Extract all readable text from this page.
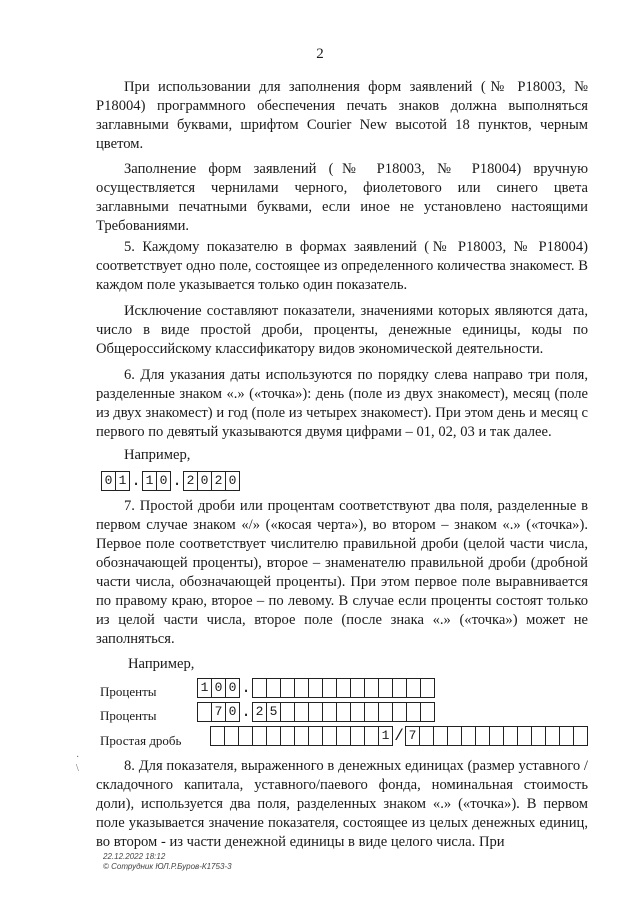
2
При использовании для заполнения форм заявлений (№ Р18003, № Р18004) программного обеспечения печать знаков должна выполняться заглавными буквами, шрифтом Courier New высотой 18 пунктов, черным цветом.
Заполнение форм заявлений (№ Р18003, № Р18004) вручную осуществляется чернилами черного, фиолетового или синего цвета заглавными печатными буквами, если иное не установлено настоящими Требованиями.
5. Каждому показателю в формах заявлений (№ Р18003, № Р18004) соответствует одно поле, состоящее из определенного количества знакомест. В каждом поле указывается только один показатель.
Исключение составляют показатели, значениями которых являются дата, число в виде простой дроби, проценты, денежные единицы, коды по Общероссийскому классификатору видов экономической деятельности.
6. Для указания даты используются по порядку слева направо три поля, разделенные знаком «.» («точка»): день (поле из двух знакомест), месяц (поле из двух знакомест) и год (поле из четырех знакомест). При этом день и месяц с первого по девятый указываются двумя цифрами – 01, 02, 03 и так далее.
Например,
0 1 . 1 0 . 2 0 2 0
7. Простой дроби или процентам соответствуют два поля, разделенные в первом случае знаком «/» («косая черта»), во втором – знаком «.» («точка»). Первое поле соответствует числителю правильной дроби (целой части числа, обозначающей проценты), второе – знаменателю правильной дроби (дробной части числа, обозначающей проценты). При этом первое поле выравнивается по правому краю, второе – по левому. В случае если проценты состоят только из целой части числа, второе поле (после знака «.» («точка») может не заполняться.
Например,
Проценты	1 0 0 .
Проценты	7 0 . 2 5
Простая дробь	1 / 7
·
\	8. Для показателя, выраженного в денежных единицах (размер уставного /складочного капитала, уставного/паевого фонда, номинальная стоимость доли), используется два поля, разделенных знаком «.» («точка»). В первом поле указывается значение показателя, состоящее из целых денежных единиц, во втором - из части денежной единицы в виде целого числа. При
22.12.2022 18:12
© Сотрудник ЮЛ.Р.Буров-К1753-3
